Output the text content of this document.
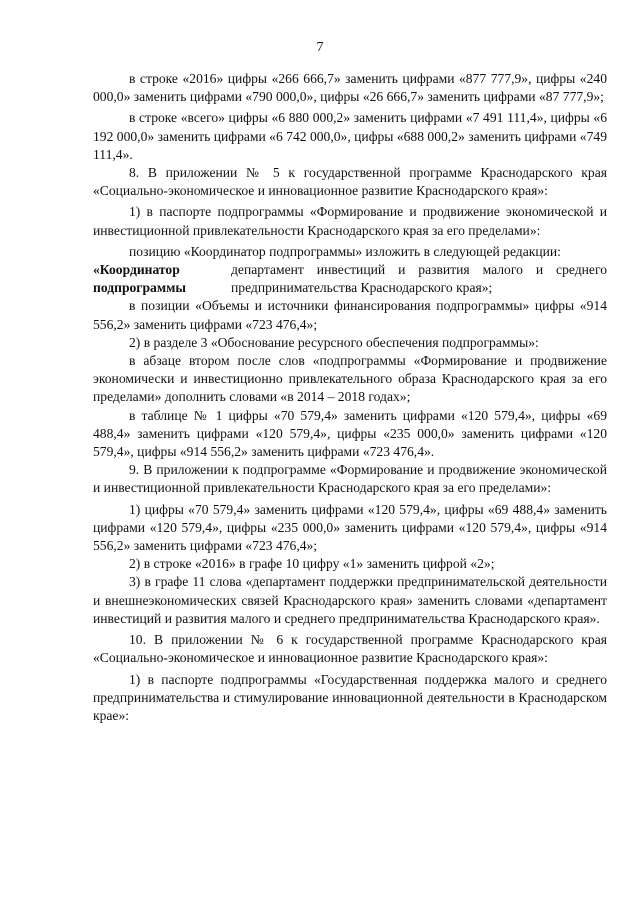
7

в строке «2016» цифры «266 666,7» заменить цифрами «877 777,9», цифры «240 000,0» заменить цифрами «790 000,0», цифры «26 666,7» заменить цифрами «87 777,9»;

в строке «всего» цифры «6 880 000,2» заменить цифрами «7 491 111,4», цифры «6 192 000,0» заменить цифрами «6 742 000,0», цифры «688 000,2» заменить цифрами «749 111,4».

8. В приложении № 5 к государственной программе Краснодарского края «Социально-экономическое и инновационное развитие Краснодарского края»:

1) в паспорте подпрограммы «Формирование и продвижение экономической и инвестиционной привлекательности Краснодарского края за его пределами»:

позицию «Координатор подпрограммы» изложить в следующей редакции:

«Координатор
подпрограммы
департамент инвестиций и развития малого и среднего предпринимательства Краснодарского края»;

в позиции «Объемы и источники финансирования подпрограммы» цифры «914 556,2» заменить цифрами «723 476,4»;

2) в разделе 3 «Обоснование ресурсного обеспечения подпрограммы»:

в абзаце втором после слов «подпрограммы «Формирование и продвижение экономически и инвестиционно привлекательного образа Краснодарского края за его пределами» дополнить словами «в 2014 – 2018 годах»;

в таблице № 1 цифры «70 579,4» заменить цифрами «120 579,4», цифры «69 488,4» заменить цифрами «120 579,4», цифры «235 000,0» заменить цифрами «120 579,4», цифры «914 556,2» заменить цифрами «723 476,4».

9. В приложении к подпрограмме «Формирование и продвижение экономической и инвестиционной привлекательности Краснодарского края за его пределами»:

1) цифры «70 579,4» заменить цифрами «120 579,4», цифры «69 488,4» заменить цифрами «120 579,4», цифры «235 000,0» заменить цифрами «120 579,4», цифры «914 556,2» заменить цифрами «723 476,4»;

2) в строке «2016» в графе 10 цифру «1» заменить цифрой «2»;

3) в графе 11 слова «департамент поддержки предпринимательской деятельности и внешнеэкономических связей Краснодарского края» заменить словами «департамент инвестиций и развития малого и среднего предпринимательства Краснодарского края».

10. В приложении № 6 к государственной программе Краснодарского края «Социально-экономическое и инновационное развитие Краснодарского края»:

1) в паспорте подпрограммы «Государственная поддержка малого и среднего предпринимательства и стимулирование инновационной деятельности в Краснодарском крае»:
